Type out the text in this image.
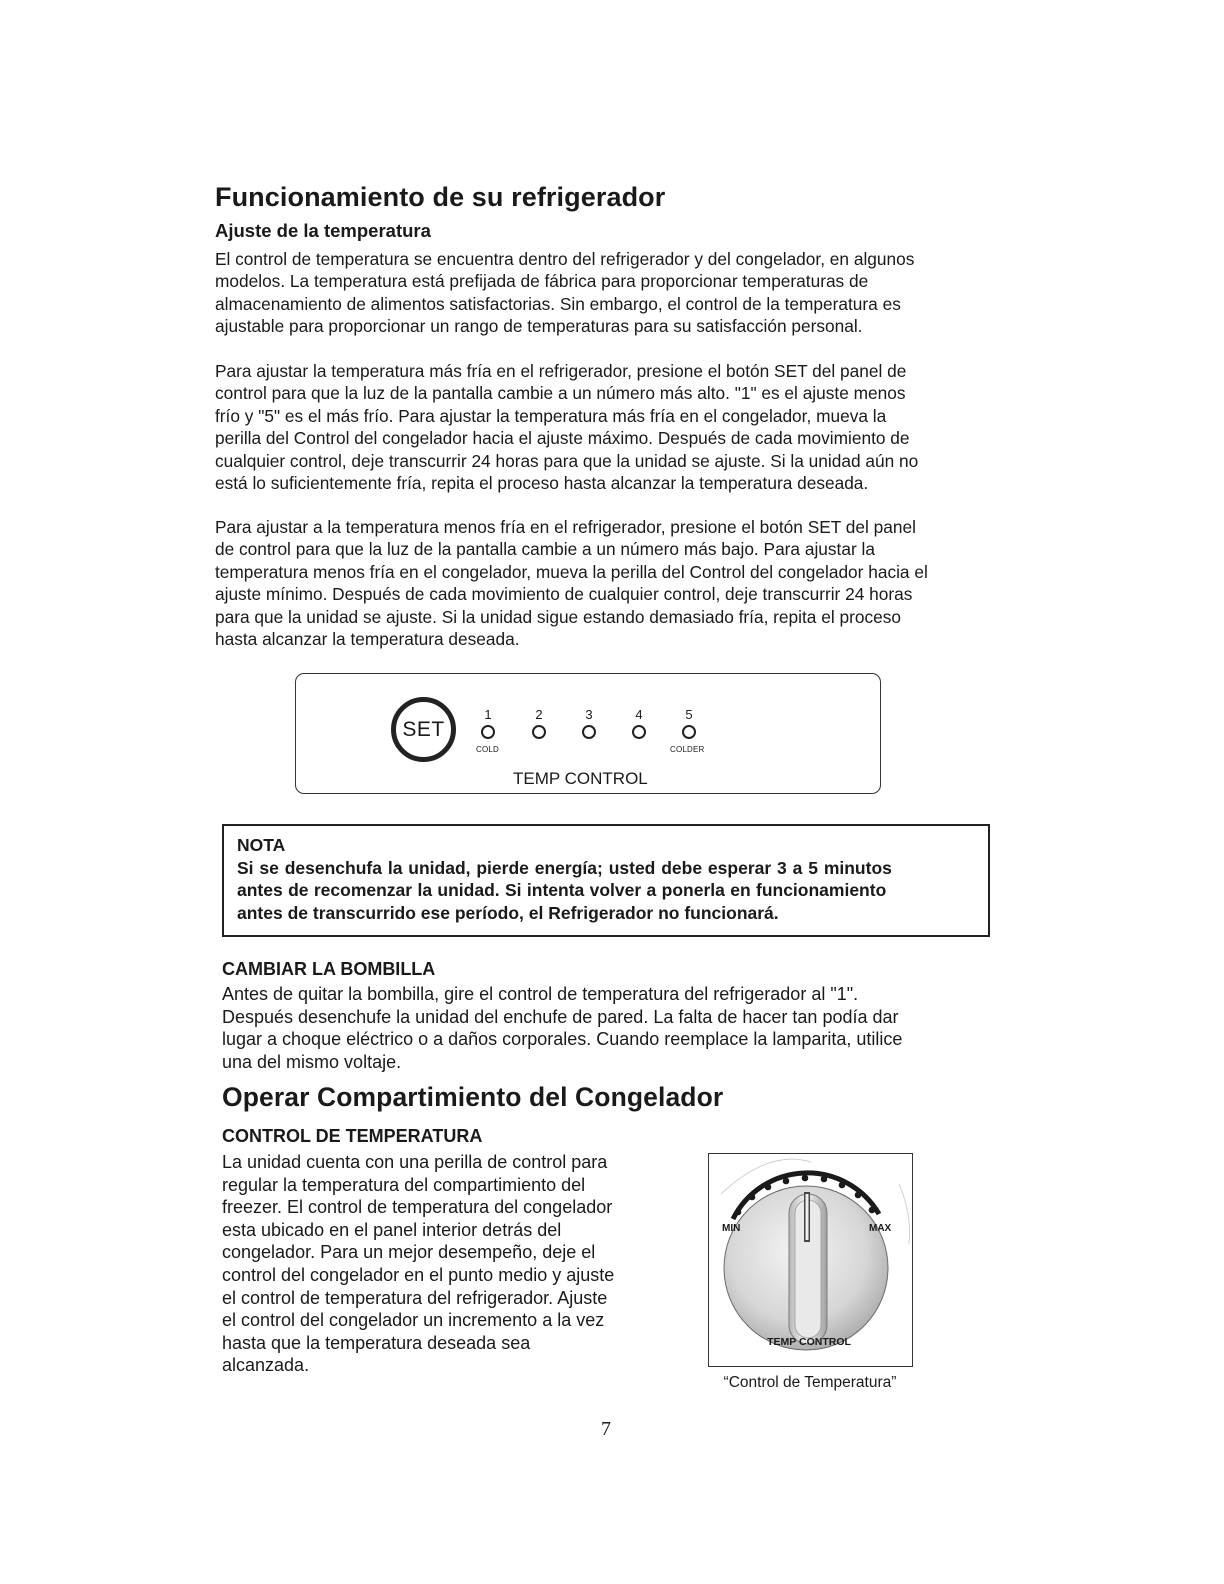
Funcionamiento de su refrigerador
Ajuste de la temperatura

El control de temperatura se encuentra dentro del refrigerador y del congelador, en algunos

modelos. La temperatura está prefijada de fábrica para proporcionar temperaturas de

almacenamiento de alimentos satisfactorias. Sin embargo, el control de la temperatura es

ajustable para proporcionar un rango de temperaturas para su satisfacción personal.

Para ajustar la temperatura más fría en el refrigerador, presione el botón SET del panel de

control para que la luz de la pantalla cambie a un número más alto. "1" es el ajuste menos

frío y "5" es el más frío. Para ajustar la temperatura más fría en el congelador, mueva la

perilla del Control del congelador hacia el ajuste máximo. Después de cada movimiento de

cualquier control, deje transcurrir 24 horas para que la unidad se ajuste. Si la unidad aún no

está lo suficientemente fría, repita el proceso hasta alcanzar la temperatura deseada.

Para ajustar a la temperatura menos fría en el refrigerador, presione el botón SET del panel

de control para que la luz de la pantalla cambie a un número más bajo. Para ajustar la

temperatura menos fría en el congelador, mueva la perilla del Control del congelador hacia el

ajuste mínimo. Después de cada movimiento de cualquier control, deje transcurrir 24 horas

para que la unidad se ajuste. Si la unidad sigue estando demasiado fría, repita el proceso

hasta alcanzar la temperatura deseada.

SET
1	2	3	4	5
COLD	COLDER
TEMP CONTROL
NOTA
Si se desenchufa la unidad, pierde energía; usted debe esperar 3 a 5 minutos
antes de recomenzar la unidad. Si intenta volver a ponerla en funcionamiento
antes de transcurrido ese período, el Refrigerador no funcionará.
CAMBIAR LA BOMBILLA

Antes de quitar la bombilla, gire el control de temperatura del refrigerador al "1".

Después desenchufe la unidad del enchufe de pared. La falta de hacer tan podía dar

lugar a choque eléctrico o a daños corporales. Cuando reemplace la lamparita, utilice

una del mismo voltaje.

Operar Compartimiento del Congelador
CONTROL DE TEMPERATURA

La unidad cuenta con una perilla de control para

regular la temperatura del compartimiento del

freezer. El control de temperatura del congelador

esta ubicado en el panel interior detrás del

congelador. Para un mejor desempeño, deje el

control del congelador en el punto medio y ajuste

el control de temperatura del refrigerador. Ajuste

el control del congelador un incremento a la vez

hasta que la temperatura deseada sea

alcanzada.

MIN	MAX
TEMP CONTROL
“Control de Temperatura”
7
